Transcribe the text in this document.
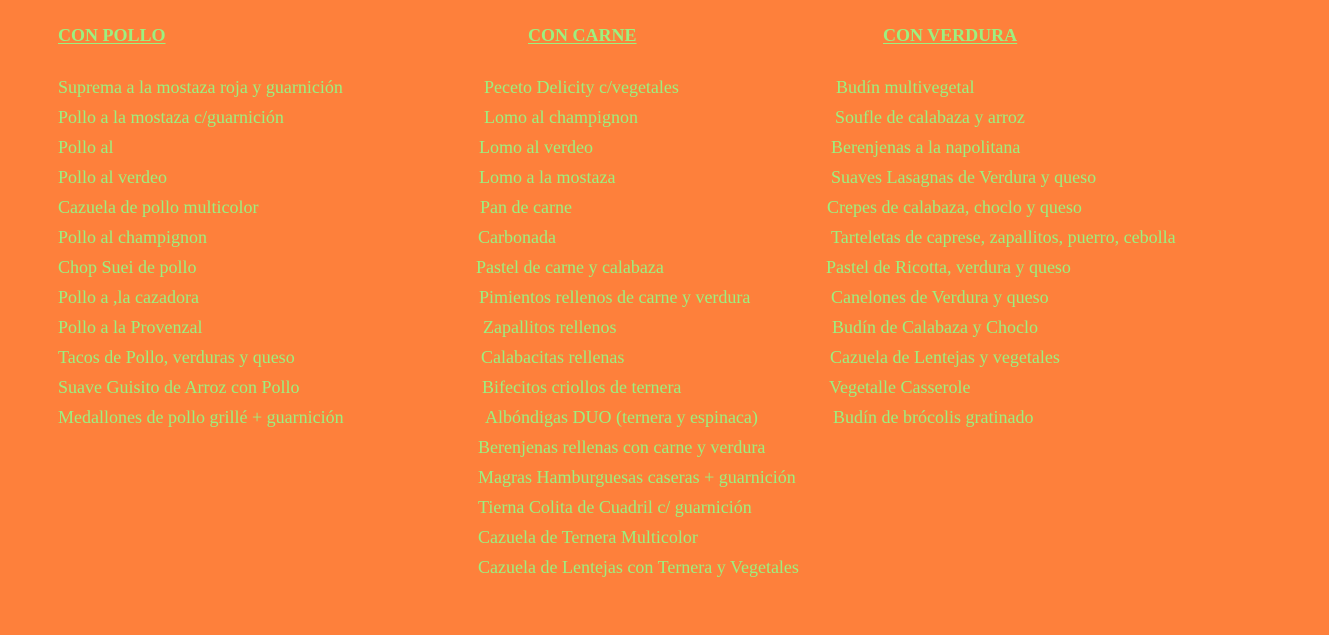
CON POLLO	CON CARNE	CON VERDURA
Suprema a la mostaza roja y guarnición
Pollo a la mostaza c/guarnición
Pollo al
Pollo al verdeo
Cazuela de pollo multicolor
Pollo al champignon
Chop Suei de pollo
Pollo a ,la cazadora
Pollo a la Provenzal
Tacos de Pollo, verduras y queso
Suave Guisito de Arroz con Pollo
Medallones de pollo grillé + guarnición
Peceto Delicity c/vegetales
Lomo al champignon
Lomo al verdeo
Lomo a la mostaza
Pan de carne
Carbonada
Pastel de carne y calabaza
Pimientos rellenos de carne y verdura
Zapallitos rellenos
Calabacitas rellenas
Bifecitos criollos de ternera
Albóndigas DUO (ternera y espinaca)
Berenjenas rellenas con carne y verdura
Magras Hamburguesas caseras + guarnición
Tierna Colita de Cuadril c/ guarnición
Cazuela de Ternera Multicolor
Cazuela de Lentejas con Ternera y Vegetales
Budín multivegetal
Soufle de calabaza y arroz
Berenjenas a la napolitana
Suaves Lasagnas de Verdura y queso
Crepes de calabaza, choclo y queso
Tarteletas de caprese, zapallitos, puerro, cebolla
Pastel de Ricotta, verdura y queso
Canelones de Verdura y queso
Budín de Calabaza y Choclo
Cazuela de Lentejas y vegetales
Vegetalle Casserole
Budín de brócolis gratinado
